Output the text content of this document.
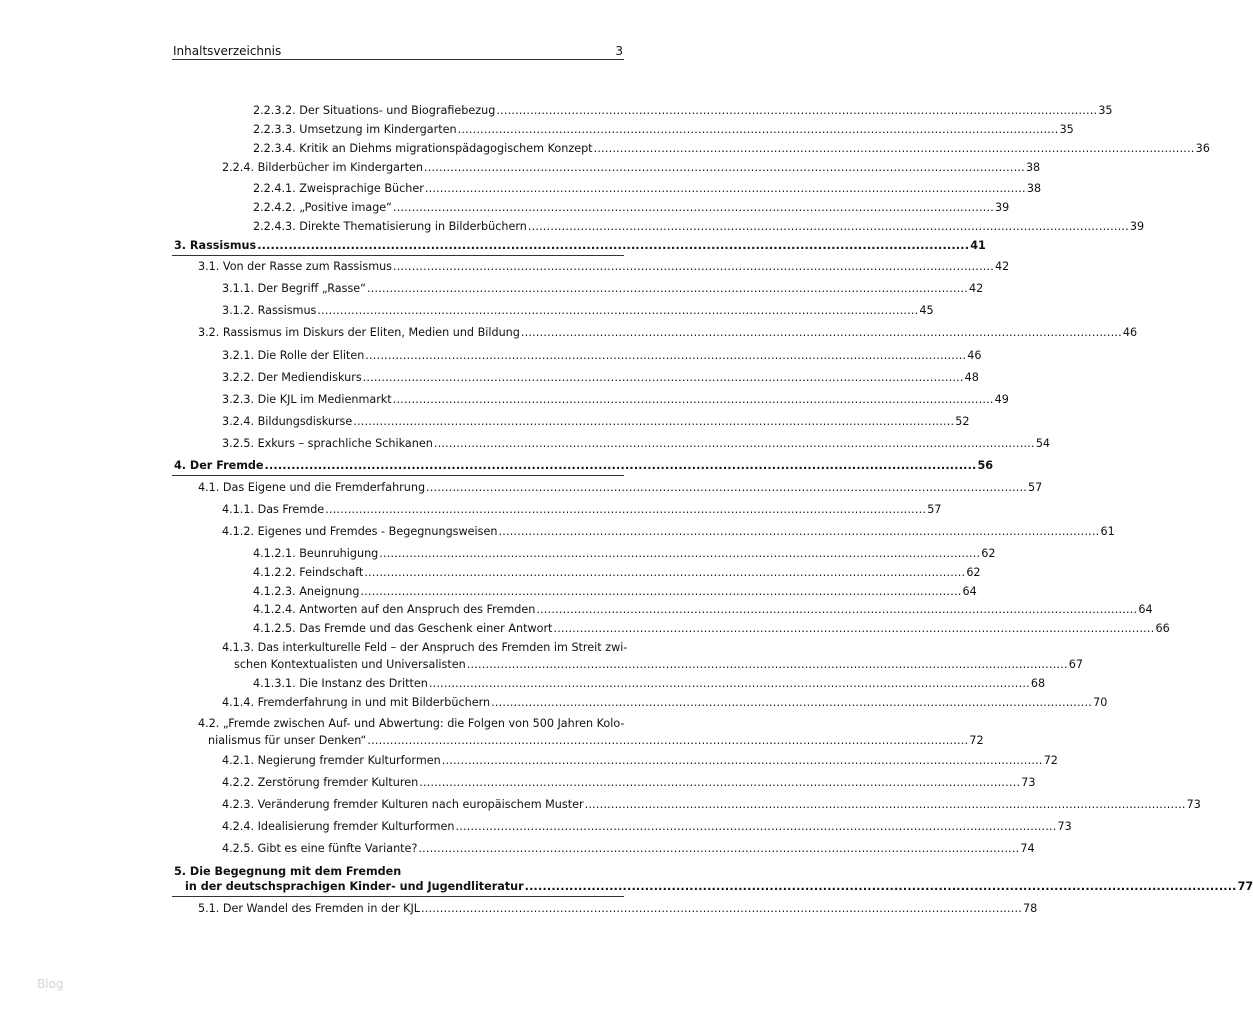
Inhaltsverzeichnis	3
2.2.3.2. Der Situations- und Biografiebezug ................................................................................................................................................................ 35
2.2.3.3. Umsetzung im Kindergarten ................................................................................................................................................................ 35
2.2.3.4. Kritik an Diehms migrationspädagogischem Konzept ................................................................................................................................................................ 36
2.2.4. Bilderbücher im Kindergarten ................................................................................................................................................................ 38
2.2.4.1. Zweisprachige Bücher ................................................................................................................................................................ 38
2.2.4.2. „Positive image“ ................................................................................................................................................................ 39
2.2.4.3. Direkte Thematisierung in Bilderbüchern ................................................................................................................................................................ 39
3. Rassismus ................................................................................................................................................................ 41
3.1. Von der Rasse zum Rassismus ................................................................................................................................................................ 42
3.1.1. Der Begriff „Rasse“ ................................................................................................................................................................ 42
3.1.2. Rassismus ................................................................................................................................................................ 45
3.2. Rassismus im Diskurs der Eliten, Medien und Bildung ................................................................................................................................................................ 46
3.2.1. Die Rolle der Eliten ................................................................................................................................................................ 46
3.2.2. Der Mediendiskurs ................................................................................................................................................................ 48
3.2.3. Die KJL im Medienmarkt ................................................................................................................................................................ 49
3.2.4. Bildungsdiskurse ................................................................................................................................................................ 52
3.2.5. Exkurs – sprachliche Schikanen ................................................................................................................................................................ 54
4. Der Fremde ................................................................................................................................................................ 56
4.1. Das Eigene und die Fremderfahrung ................................................................................................................................................................ 57
4.1.1. Das Fremde ................................................................................................................................................................ 57
4.1.2. Eigenes und Fremdes - Begegnungsweisen ................................................................................................................................................................ 61
4.1.2.1. Beunruhigung ................................................................................................................................................................ 62
4.1.2.2. Feindschaft ................................................................................................................................................................ 62
4.1.2.3. Aneignung ................................................................................................................................................................ 64
4.1.2.4. Antworten auf den Anspruch des Fremden ................................................................................................................................................................ 64
4.1.2.5. Das Fremde und das Geschenk einer Antwort ................................................................................................................................................................ 66
4.1.3. Das interkulturelle Feld – der Anspruch des Fremden im Streit zwi-
schen Kontextualisten und Universalisten ................................................................................................................................................................ 67
4.1.3.1. Die Instanz des Dritten ................................................................................................................................................................ 68
4.1.4. Fremderfahrung in und mit Bilderbüchern ................................................................................................................................................................ 70
4.2. „Fremde zwischen Auf- und Abwertung: die Folgen von 500 Jahren Kolo-
nialismus für unser Denken“ ................................................................................................................................................................ 72
4.2.1. Negierung fremder Kulturformen ................................................................................................................................................................ 72
4.2.2. Zerstörung fremder Kulturen ................................................................................................................................................................ 73
4.2.3. Veränderung fremder Kulturen nach europäischem Muster ................................................................................................................................................................ 73
4.2.4. Idealisierung fremder Kulturformen ................................................................................................................................................................ 73
4.2.5. Gibt es eine fünfte Variante? ................................................................................................................................................................ 74
5. Die Begegnung mit dem Fremden
in der deutschsprachigen Kinder- und Jugendliteratur ................................................................................................................................................................ 77
5.1. Der Wandel des Fremden in der KJL ................................................................................................................................................................ 78
Blog
